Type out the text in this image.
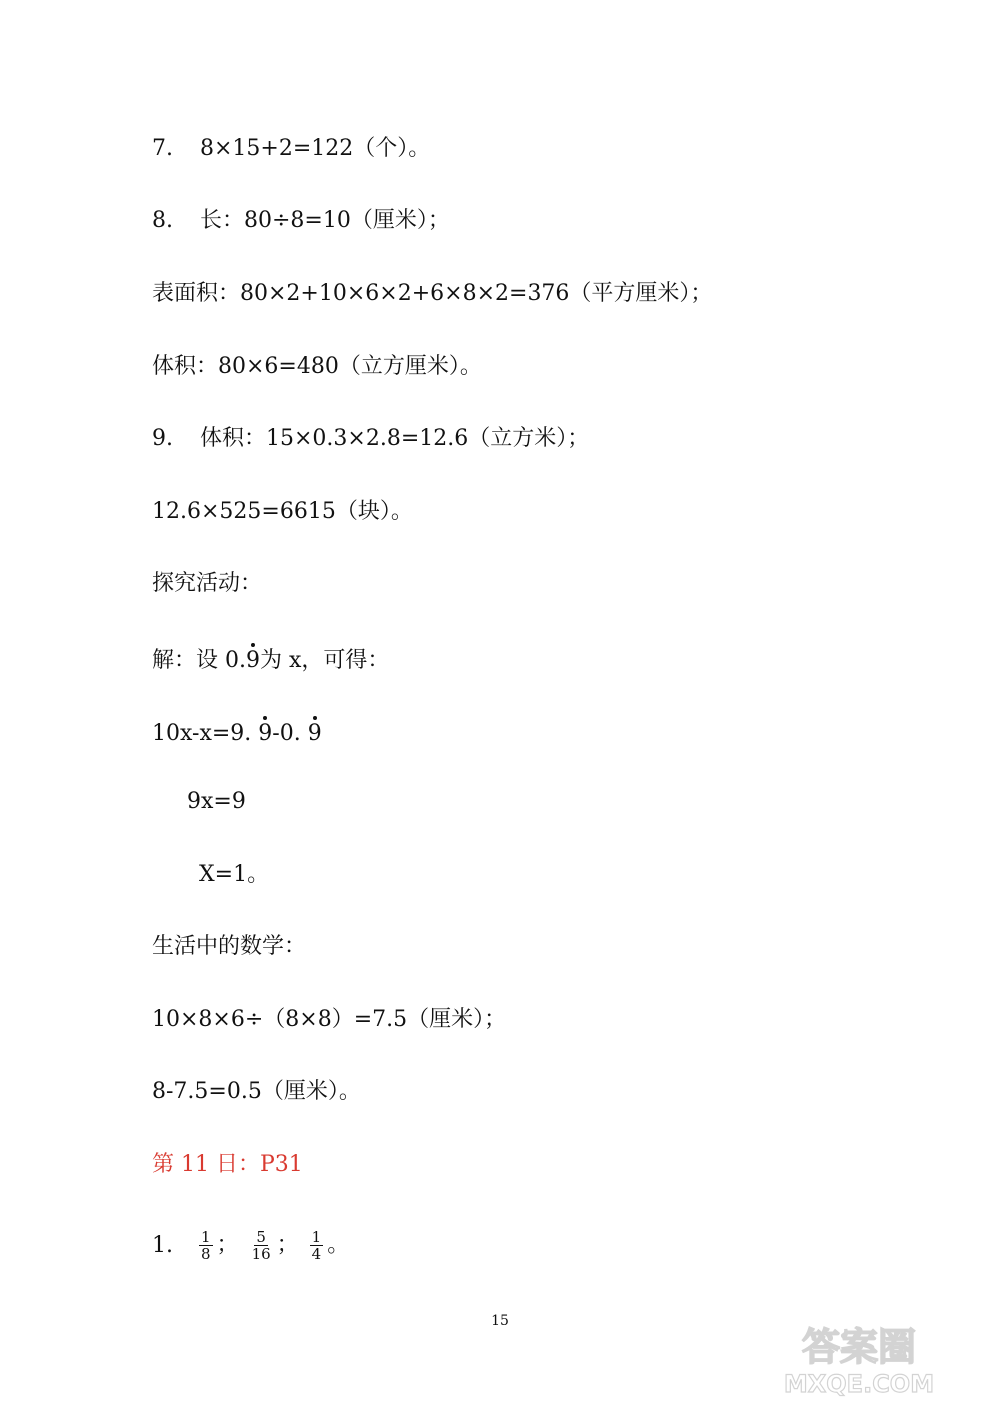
7. 8×15+2=122（个）。
8. 长：80÷8=10（厘米）；
表面积：80×2+10×6×2+6×8×2=376（平方厘米）；
体积：80×6=480（立方厘米）。
9. 体积：15×0.3×2.8=12.6（立方米）；
12.6×525=6615（块）。
探究活动：
解：设 0.9为 x，可得：
10x-x=9. 9-0. 9
9x=9
X=1。
生活中的数学：
10×8×6÷（8×8）=7.5（厘米）；
8-7.5=0.5（厘米）。
第 11 日：P31
1. $\frac{1}{8}$ ； $\frac{5}{16}$ ； $\frac{1}{4}$ 。
15
答案圈
MXQE.COM
